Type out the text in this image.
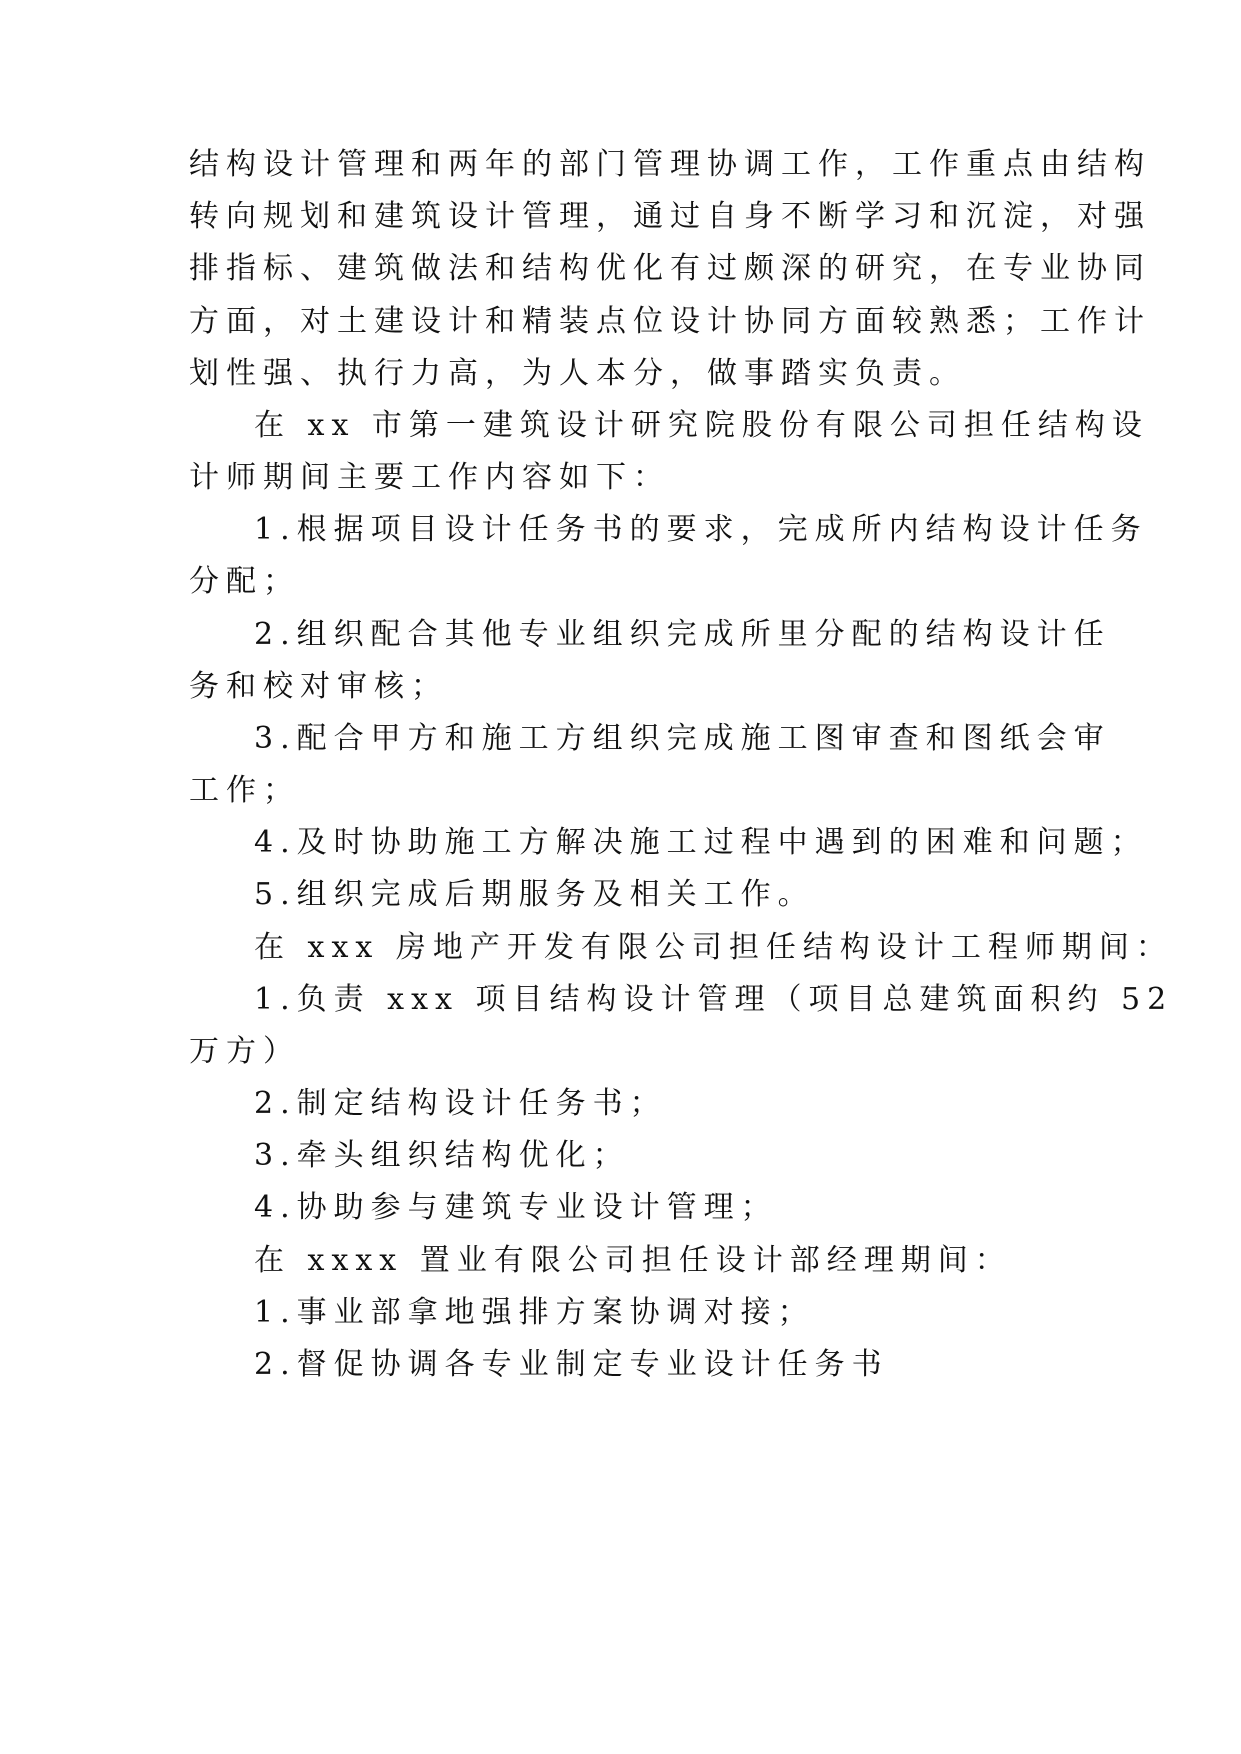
结构设计管理和两年的部门管理协调工作，工作重点由结构
转向规划和建筑设计管理，通过自身不断学习和沉淀，对强
排指标、建筑做法和结构优化有过颇深的研究，在专业协同
方面，对土建设计和精装点位设计协同方面较熟悉；工作计
划性强、执行力高，为人本分，做事踏实负责。
在 xx 市第一建筑设计研究院股份有限公司担任结构设
计师期间主要工作内容如下：
1.根据项目设计任务书的要求，完成所内结构设计任务
分配；
2.组织配合其他专业组织完成所里分配的结构设计任
务和校对审核；
3.配合甲方和施工方组织完成施工图审查和图纸会审
工作；
4.及时协助施工方解决施工过程中遇到的困难和问题；
5.组织完成后期服务及相关工作。
在 xxx 房地产开发有限公司担任结构设计工程师期间：
1.负责 xxx 项目结构设计管理（项目总建筑面积约 52
万方）
2.制定结构设计任务书；
3.牵头组织结构优化；
4.协助参与建筑专业设计管理；
在 xxxx 置业有限公司担任设计部经理期间：
1.事业部拿地强排方案协调对接；
2.督促协调各专业制定专业设计任务书
